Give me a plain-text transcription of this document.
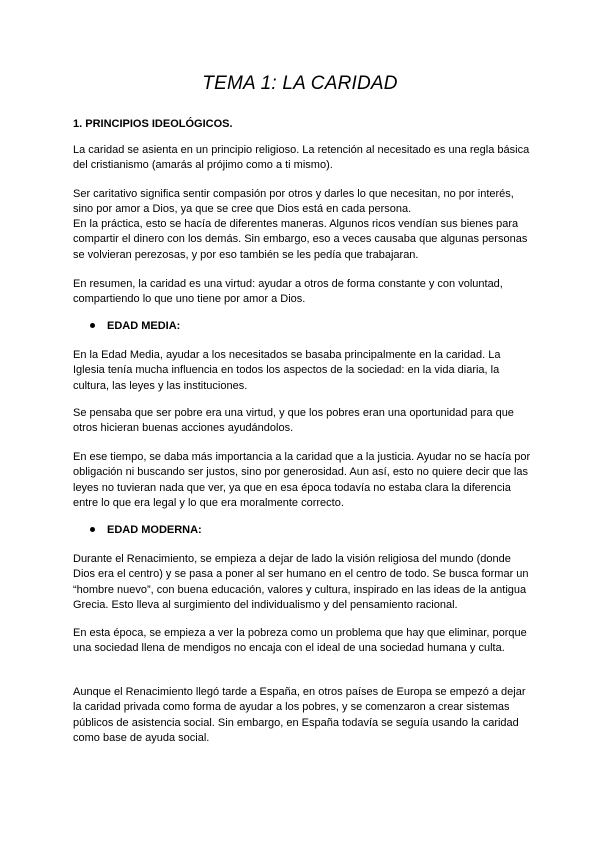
TEMA 1: LA CARIDAD
1. PRINCIPIOS IDEOLÓGICOS.

La caridad se asienta en un principio religioso. La retención al necesitado es una regla básica del cristianismo (amarás al prójimo como a ti mismo).

Ser caritativo significa sentir compasión por otros y darles lo que necesitan, no por interés, sino por amor a Dios, ya que se cree que Dios está en cada persona.

En la práctica, esto se hacía de diferentes maneras. Algunos ricos vendían sus bienes para compartir el dinero con los demás. Sin embargo, eso a veces causaba que algunas personas se volvieran perezosas, y por eso también se les pedía que trabajaran.

En resumen, la caridad es una virtud: ayudar a otros de forma constante y con voluntad, compartiendo lo que uno tiene por amor a Dios.

EDAD MEDIA:

En la Edad Media, ayudar a los necesitados se basaba principalmente en la caridad. La Iglesia tenía mucha influencia en todos los aspectos de la sociedad: en la vida diaria, la cultura, las leyes y las instituciones.

Se pensaba que ser pobre era una virtud, y que los pobres eran una oportunidad para que otros hicieran buenas acciones ayudándolos.

En ese tiempo, se daba más importancia a la caridad que a la justicia. Ayudar no se hacía por obligación ni buscando ser justos, sino por generosidad. Aun así, esto no quiere decir que las leyes no tuvieran nada que ver, ya que en esa época todavía no estaba clara la diferencia entre lo que era legal y lo que era moralmente correcto.

EDAD MODERNA:

Durante el Renacimiento, se empieza a dejar de lado la visión religiosa del mundo (donde Dios era el centro) y se pasa a poner al ser humano en el centro de todo. Se busca formar un “hombre nuevo”, con buena educación, valores y cultura, inspirado en las ideas de la antigua Grecia. Esto lleva al surgimiento del individualismo y del pensamiento racional.

En esta época, se empieza a ver la pobreza como un problema que hay que eliminar, porque una sociedad llena de mendigos no encaja con el ideal de una sociedad humana y culta.

Aunque el Renacimiento llegó tarde a España, en otros países de Europa se empezó a dejar la caridad privada como forma de ayudar a los pobres, y se comenzaron a crear sistemas públicos de asistencia social. Sin embargo, en España todavía se seguía usando la caridad como base de ayuda social.
